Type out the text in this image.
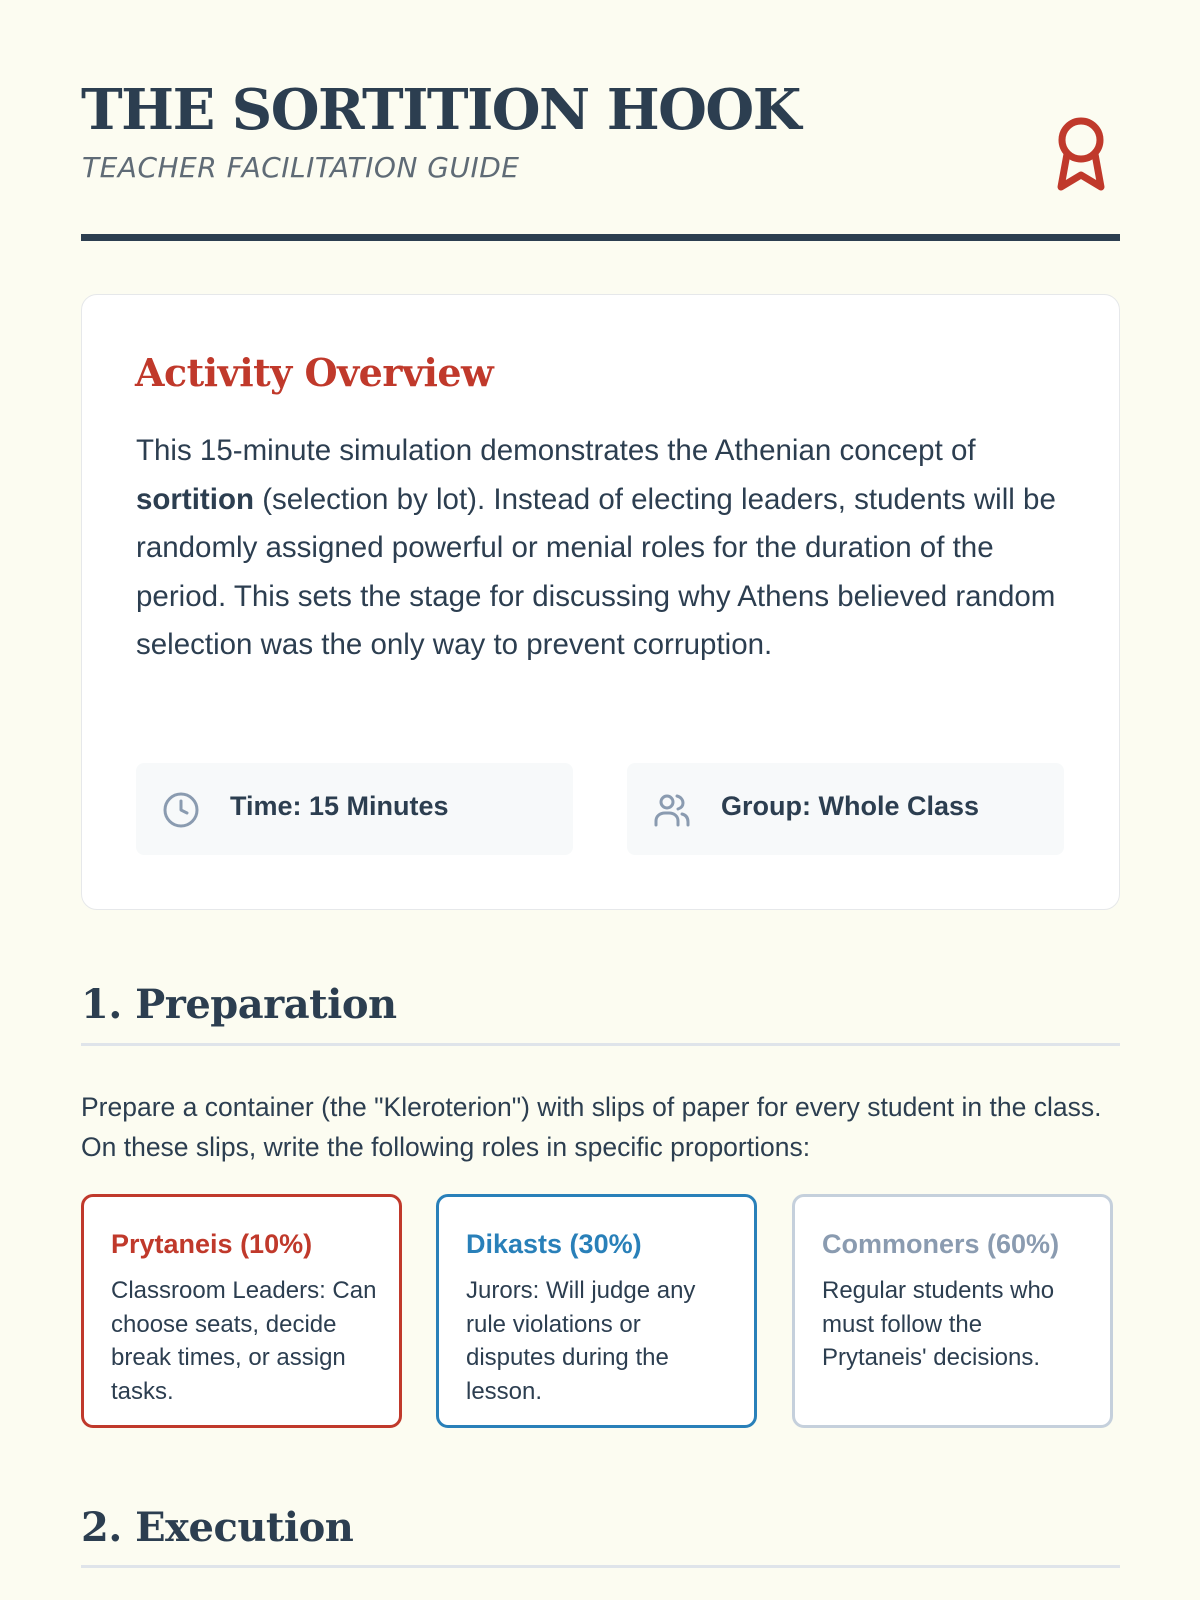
THE SORTITION HOOK
TEACHER FACILITATION GUIDE
Activity Overview

This 15-minute simulation demonstrates the Athenian concept of sortition (selection by lot). Instead of electing leaders, students will be randomly assigned powerful or menial roles for the duration of the period. This sets the stage for discussing why Athens believed random selection was the only way to prevent corruption.

Time: 15 Minutes	Group: Whole Class
1. Preparation

Prepare a container (the "Kleroterion") with slips of paper for every student in the class. On these slips, write the following roles in specific proportions:

Prytaneis (10%)

Classroom Leaders: Can choose seats, decide break times, or assign tasks.

Dikasts (30%)

Jurors: Will judge any rule violations or disputes during the lesson.

Commoners (60%)

Regular students who must follow the Prytaneis' decisions.

2. Execution
